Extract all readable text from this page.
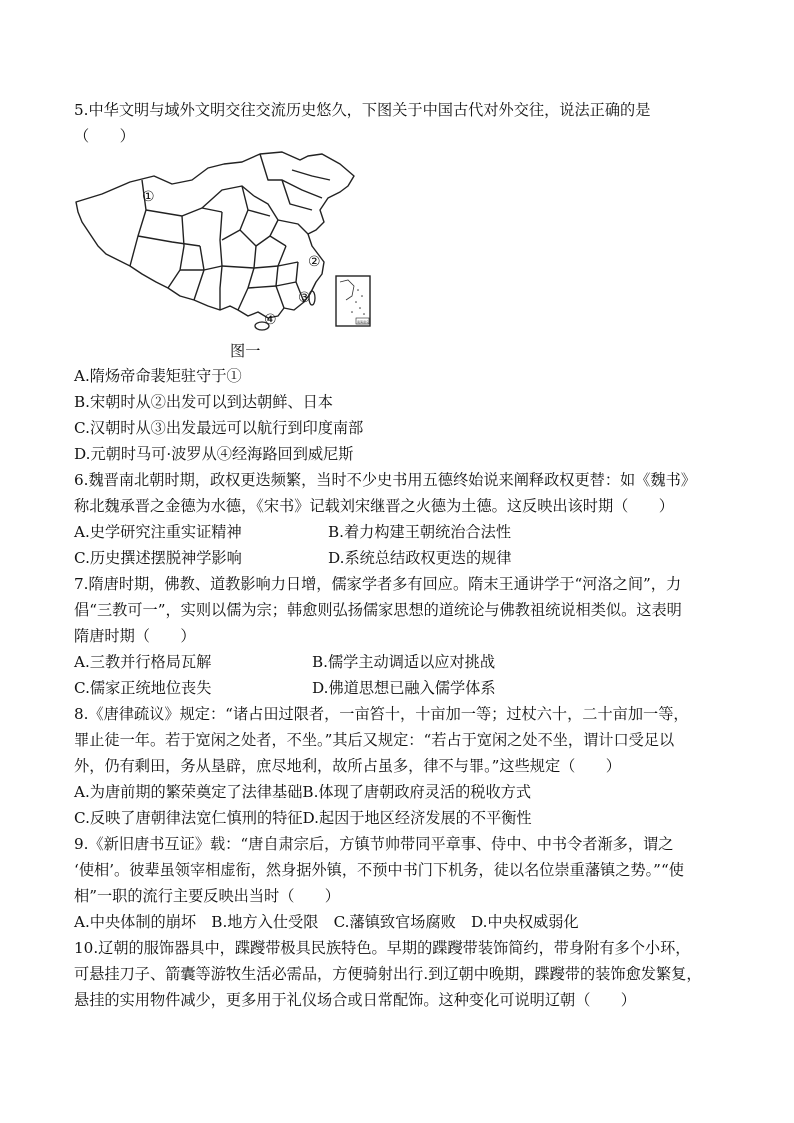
5.中华文明与域外文明交往交流历史悠久，下图关于中国古代对外交往，说法正确的是
（　　）
①
②
③
④	南海诸岛
图一
A.隋炀帝命裴矩驻守于①
B.宋朝时从②出发可以到达朝鲜、日本
C.汉朝时从③出发最远可以航行到印度南部
D.元朝时马可·波罗从④经海路回到威尼斯
6.魏晋南北朝时期，政权更迭频繁，当时不少史书用五德终始说来阐释政权更替：如《魏书》
称北魏承晋之金德为水德，《宋书》记载刘宋继晋之火德为土德。这反映出该时期（　　）
A.史学研究注重实证精神	B.着力构建王朝统治合法性
C.历史撰述摆脱神学影响	D.系统总结政权更迭的规律
7.隋唐时期，佛教、道教影响力日增，儒家学者多有回应。隋末王通讲学于“河洛之间”，力
倡“三教可一”，实则以儒为宗；韩愈则弘扬儒家思想的道统论与佛教祖统说相类似。这表明
隋唐时期（　　）
A.三教并行格局瓦解	B.儒学主动调适以应对挑战
C.儒家正统地位丧失	D.佛道思想已融入儒学体系
8.《唐律疏议》规定：“诸占田过限者，一亩笞十，十亩加一等；过杖六十，二十亩加一等，
罪止徒一年。若于宽闲之处者，不坐。”其后又规定：“若占于宽闲之处不坐，谓计口受足以
外，仍有剩田，务从垦辟，庶尽地利，故所占虽多，律不与罪。”这些规定（　　）
A.为唐前期的繁荣奠定了法律基础B.体现了唐朝政府灵活的税收方式
C.反映了唐朝律法宽仁慎刑的特征D.起因于地区经济发展的不平衡性
9.《新旧唐书互证》载：“唐自肃宗后，方镇节帅带同平章事、侍中、中书令者渐多，谓之
‘使相’。彼辈虽领宰相虚衔，然身据外镇，不预中书门下机务，徒以名位崇重藩镇之势。”“使
相”一职的流行主要反映出当时（　　）
A.中央体制的崩坏　B.地方入仕受限　C.藩镇致官场腐败　D.中央权威弱化
10.辽朝的服饰器具中，蹀躞带极具民族特色。早期的蹀躞带装饰简约，带身附有多个小环，
可悬挂刀子、箭囊等游牧生活必需品，方便骑射出行.到辽朝中晚期，蹀躞带的装饰愈发繁复，
悬挂的实用物件减少，更多用于礼仪场合或日常配饰。这种变化可说明辽朝（　　）
